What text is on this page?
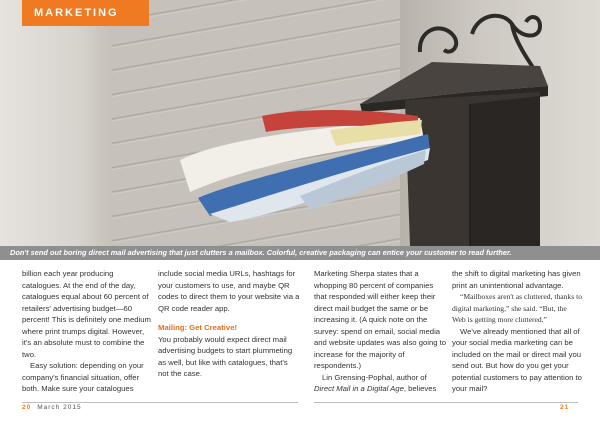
MARKETING
Don't send out boring direct mail advertising that just clutters a mailbox. Colorful, creative packaging can entice your customer to read further.

billion each year producing catalogues. At the end of the day, catalogues equal about 60 percent of retailers' advertising budget—60 percent! This is definitely one medium where print trumps digital. However, it's an absolute must to combine the two.

Easy solution: depending on your company's financial situation, offer both. Make sure your catalogues

include social media URLs, hashtags for your customers to use, and maybe QR codes to direct them to your website via a QR code reader app.

Mailing: Get Creative!

You probably would expect direct mail advertising budgets to start plummeting as well, but like with catalogues, that's not the case.

Marketing Sherpa states that a whopping 80 percent of companies that responded will either keep their direct mail budget the same or be increasing it. (A quick note on the survey: spend on email, social media and website updates was also going to increase for the majority of respondents.)

Lin Grensing-Pophal, author of Direct Mail in a Digital Age, believes

the shift to digital marketing has given print an unintentional advantage.

“Mailboxes aren't as cluttered, thanks to digital marketing,” she said. “But, the Web is getting more cluttered.”

We've already mentioned that all of your social media marketing can be included on the mail or direct mail you send out. But how do you get your potential customers to pay attention to your mail?

20 March 2015	21
